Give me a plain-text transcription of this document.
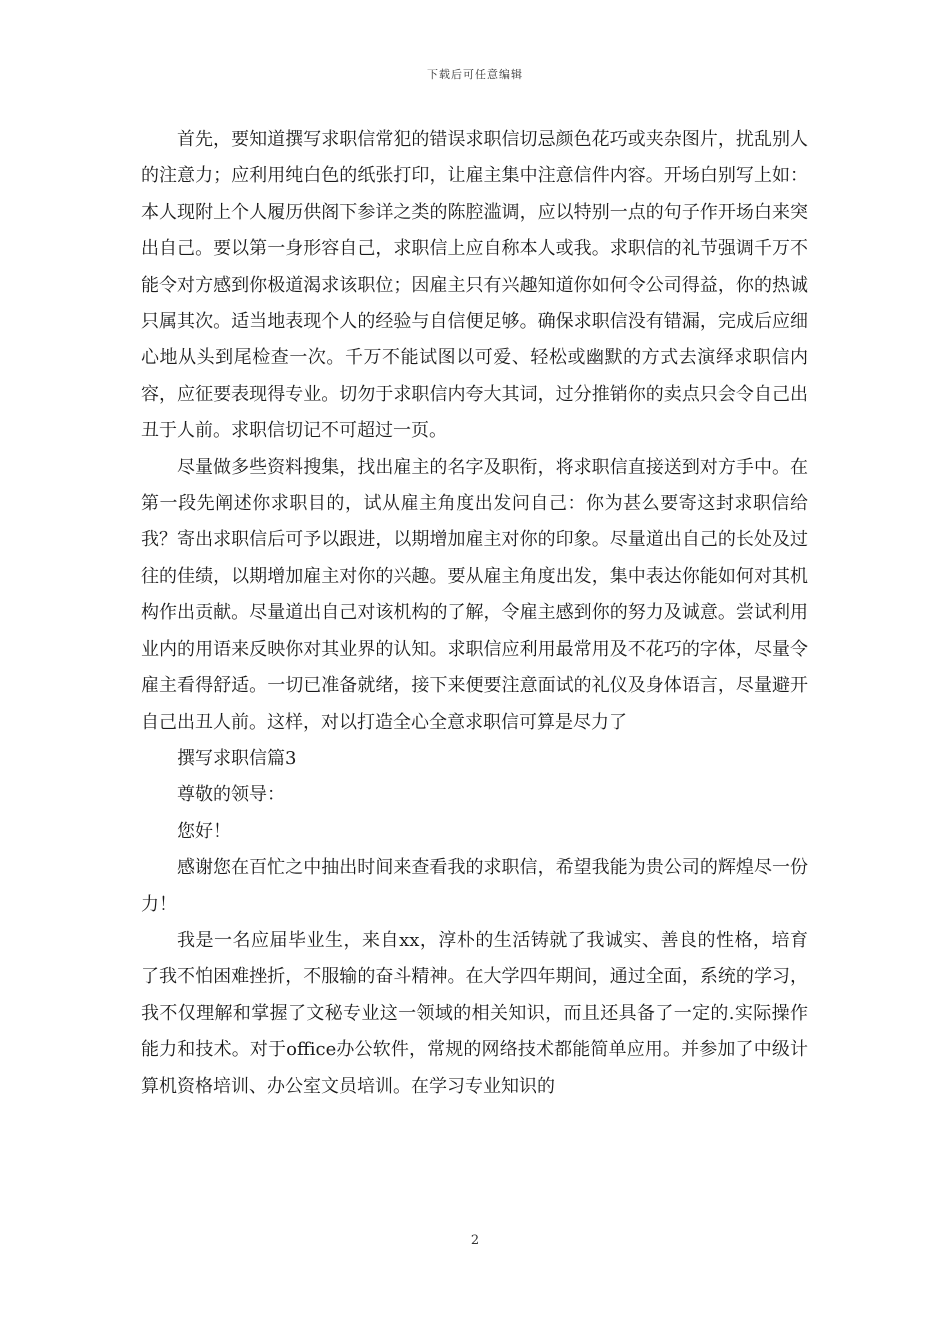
下载后可任意编辑

首先，要知道撰写求职信常犯的错误求职信切忌颜色花巧或夹杂图片，扰乱别人的注意力；应利用纯白色的纸张打印，让雇主集中注意信件内容。开场白别写上如：本人现附上个人履历供阁下参详之类的陈腔滥调，应以特别一点的句子作开场白来突出自己。要以第一身形容自己，求职信上应自称本人或我。求职信的礼节强调千万不能令对方感到你极道渴求该职位；因雇主只有兴趣知道你如何令公司得益，你的热诚只属其次。适当地表现个人的经验与自信便足够。确保求职信没有错漏，完成后应细心地从头到尾检查一次。千万不能试图以可爱、轻松或幽默的方式去演绎求职信内容，应征要表现得专业。切勿于求职信内夸大其词，过分推销你的卖点只会令自己出丑于人前。求职信切记不可超过一页。

尽量做多些资料搜集，找出雇主的名字及职衔，将求职信直接送到对方手中。在第一段先阐述你求职目的，试从雇主角度出发问自己：你为甚么要寄这封求职信给我？寄出求职信后可予以跟进，以期增加雇主对你的印象。尽量道出自己的长处及过往的佳绩，以期增加雇主对你的兴趣。要从雇主角度出发，集中表达你能如何对其机构作出贡献。尽量道出自己对该机构的了解，令雇主感到你的努力及诚意。尝试利用业内的用语来反映你对其业界的认知。求职信应利用最常用及不花巧的字体，尽量令雇主看得舒适。一切已准备就绪，接下来便要注意面试的礼仪及身体语言，尽量避开自己出丑人前。这样，对以打造全心全意求职信可算是尽力了

撰写求职信篇3

尊敬的领导：

您好！

感谢您在百忙之中抽出时间来查看我的求职信，希望我能为贵公司的辉煌尽一份力！

我是一名应届毕业生，来自xx，淳朴的生活铸就了我诚实、善良的性格，培育了我不怕困难挫折，不服输的奋斗精神。在大学四年期间，通过全面，系统的学习，我不仅理解和掌握了文秘专业这一领域的相关知识，而且还具备了一定的.实际操作能力和技术。对于office办公软件，常规的网络技术都能简单应用。并参加了中级计算机资格培训、办公室文员培训。在学习专业知识的

2
